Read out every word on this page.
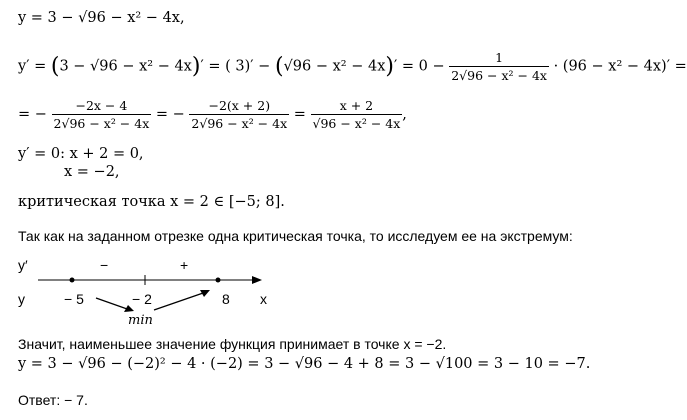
y = 3 − √96 − x² − 4x,
y′ = (3 − √96 − x² − 4x)′ = ( $3)' - (√96 - x^2 - 4x)' = 0 - \frac{1}{\text{2√96 − x² − 4x}} \cdot (96 - x^2 - 4x)'$ =
= − $\frac{-2x - 4}{\text{2√96 − x² − 4x}}$ = − $\frac{-2(x + 2)}{\text{2√96 − x² − 4x}} = \frac{x + 2}{\text{√96 − x² − 4x}}$ ,
y′ = 0: x + 2 = 0,
x = −2,
критическая точка x = 2 ∈ [−5; 8].
Так как на заданном отрезке одна критическая точка, то исследуем ее на экстремум:
y′	−	+
y	− 5	− 2	8 x
min
Значит, наименьшее значение функция принимает в точке x = −2.
y = 3 − √96 − (−2)² − 4 · (−2) = 3 − √96 − 4 + 8 = 3 − √100 = 3 − 10 = −7.
Ответ: − 7.
